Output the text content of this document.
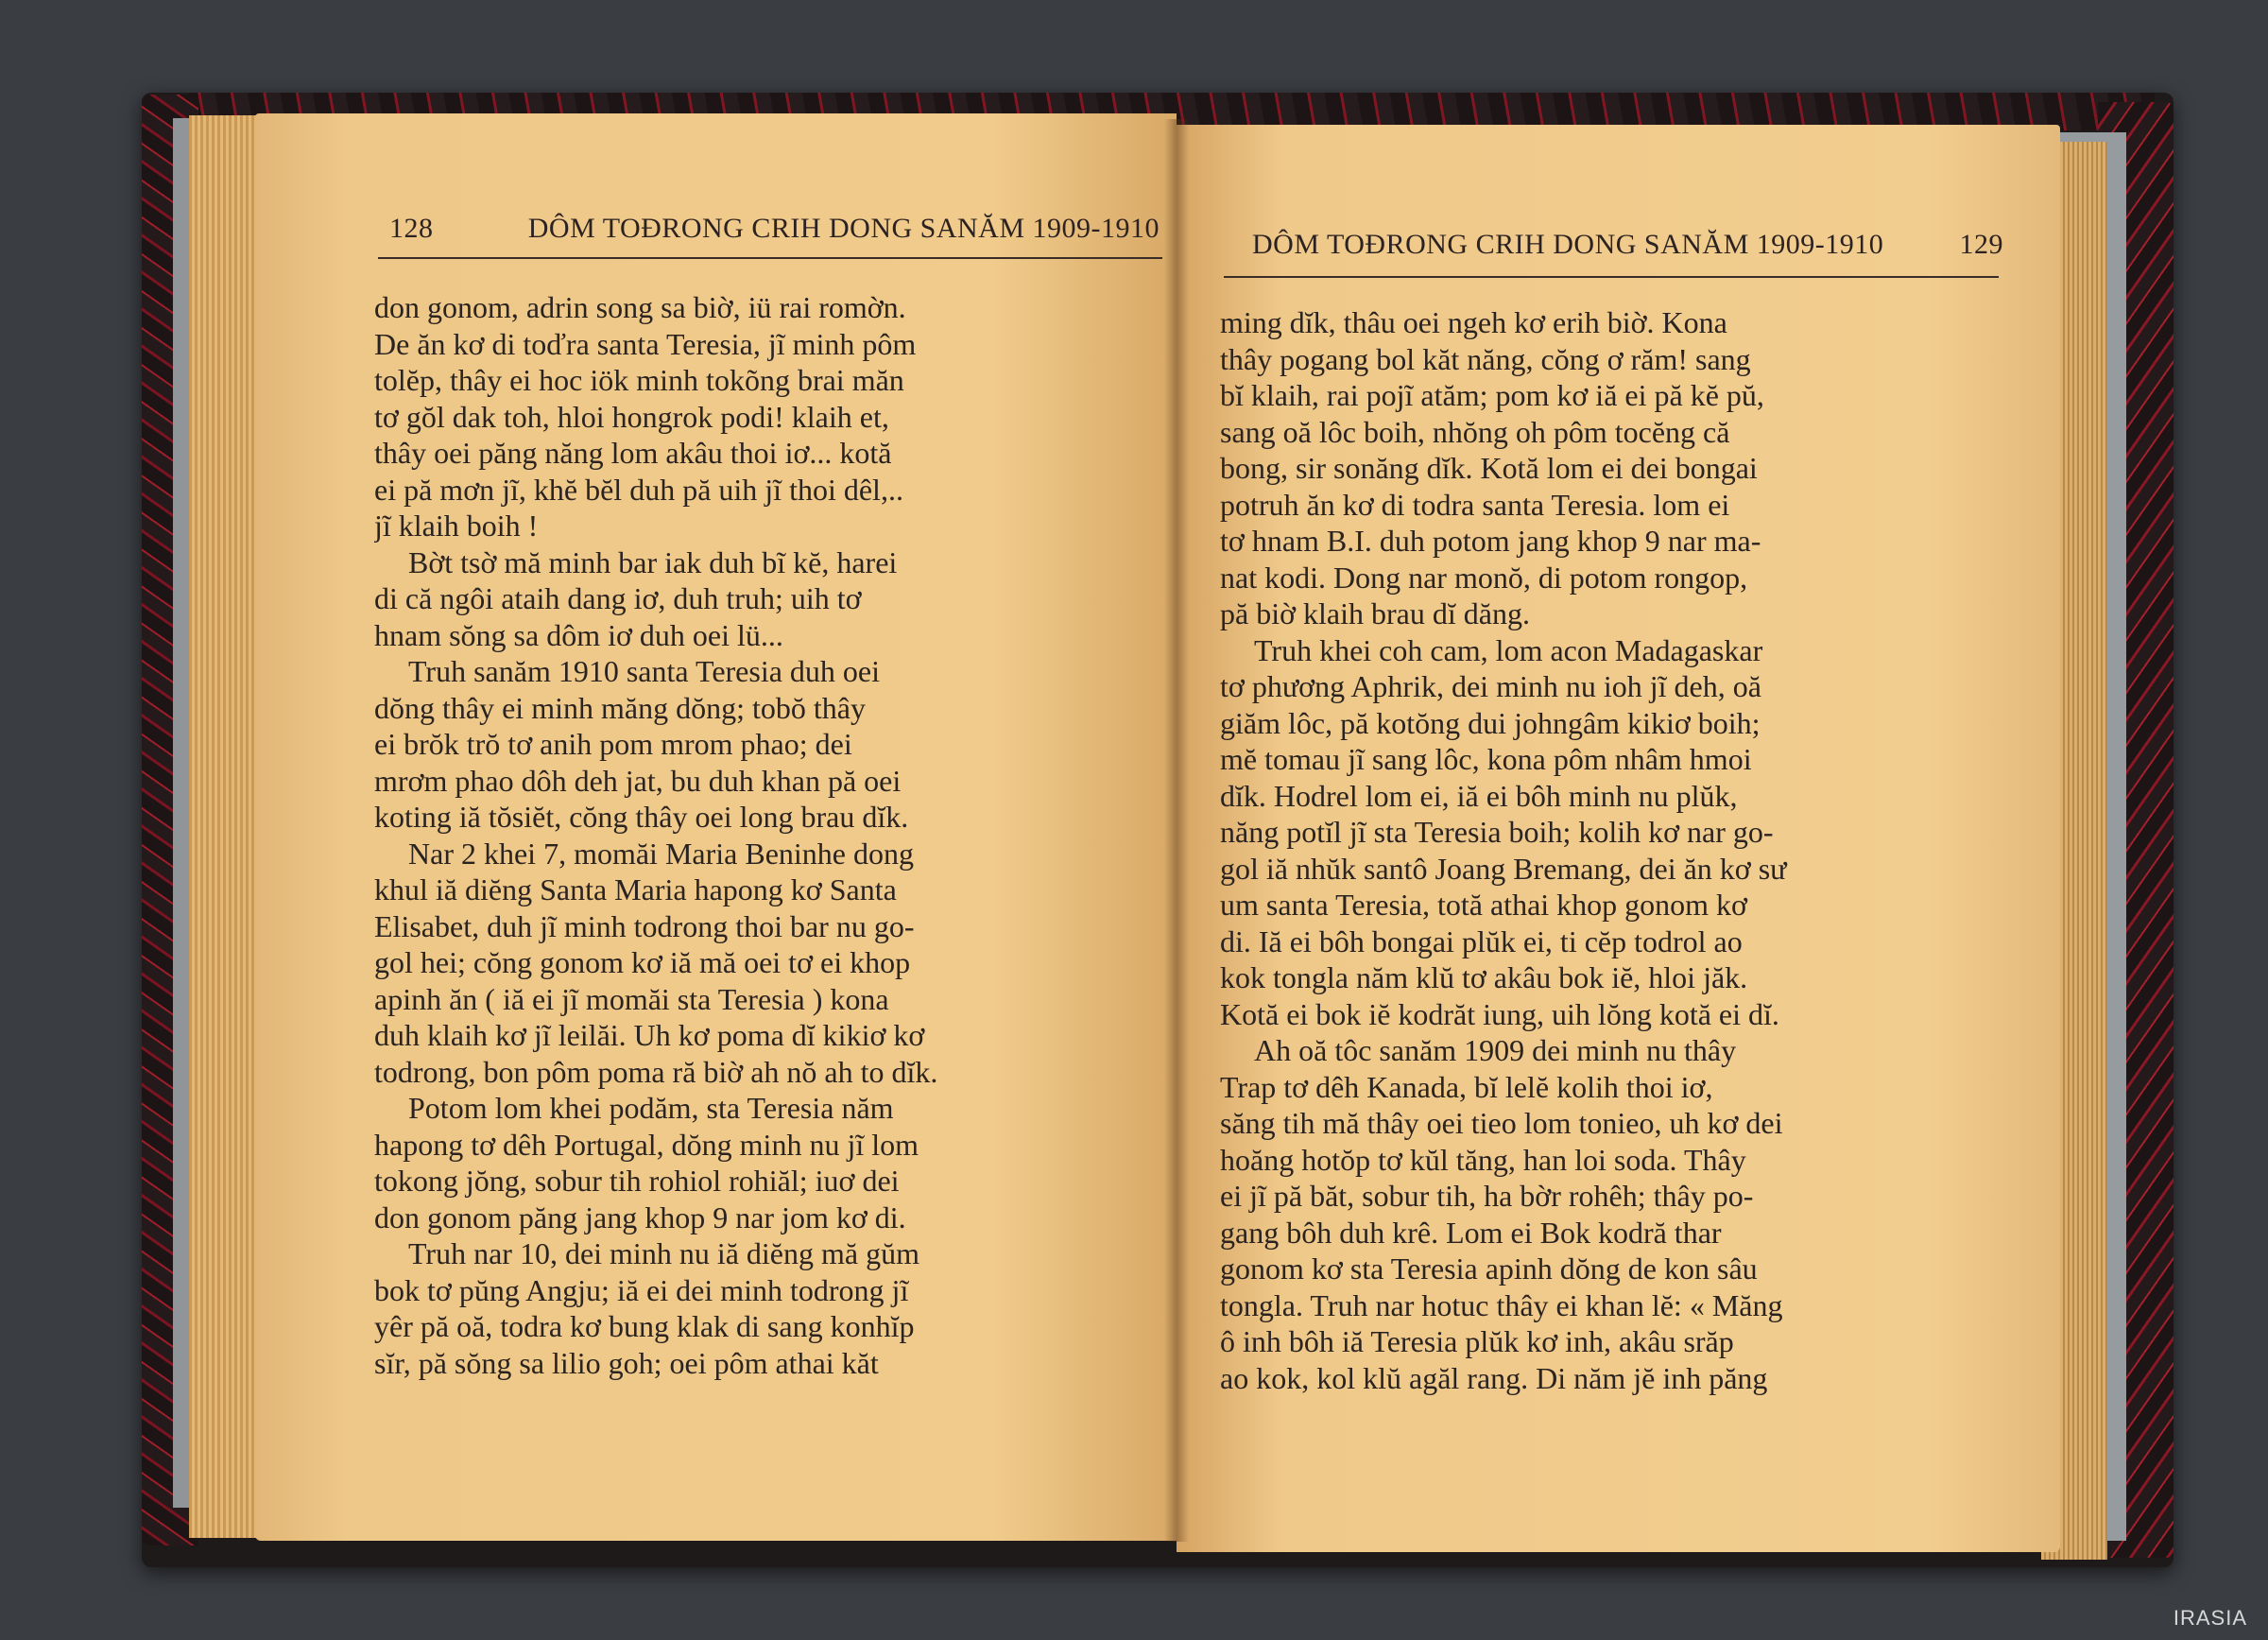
128	DÔM TOĐRONG CRIH DONG SANĂM 1909-1910
don gonom, adrin song sa biờ, iü rai romờn.
De ăn kơ di toďra santa Teresia, jĩ minh pôm
tolĕp, thây ei hoc iök minh tokõng brai măn
tơ gŏl dak toh, hloi hongrok podi! klaih et,
thây oei păng năng lom akâu thoi iơ... kotă
ei pă mơn jĩ, khĕ bĕl duh pă uih jĩ thoi dêl,..
jĩ klaih boih !
Bờt tsờ mă minh bar iak duh bĩ kĕ, harei
di că ngôi ataih dang iơ, duh truh; uih tơ
hnam sŏng sa dôm iơ duh oei lü...
Truh sanăm 1910 santa Teresia duh oei
dŏng thây ei minh măng dŏng; tobŏ thây
ei brŏk trŏ tơ anih pom mrom phao; dei
mrơm phao dôh deh jat, bu duh khan pă oei
koting iă tŏsiĕt, cŏng thây oei long brau dĭk.
Nar 2 khei 7, momăi Maria Beninhe dong
khul iă diĕng Santa Maria hapong kơ Santa
Elisabet, duh jĩ minh todrong thoi bar nu go-
gol hei; cŏng gonom kơ iă mă oei tơ ei khop
apinh ăn ( iă ei jĩ momăi sta Teresia ) kona
duh klaih kơ jĩ leilăi. Uh kơ poma dĭ kikiơ kơ
todrong, bon pôm poma ră biờ ah nŏ ah to dĭk.
Potom lom khei podăm, sta Teresia năm
hapong tơ dêh Portugal, dŏng minh nu jĩ lom
tokong jŏng, sobur tih rohiol rohiăl; iuơ dei
don gonom păng jang khop 9 nar jom kơ di.
Truh nar 10, dei minh nu iă diĕng mă gŭm
bok tơ pŭng Angju; iă ei dei minh todrong jĩ
yêr pă oă, todra kơ bung klak di sang konhĭp
sĭr, pă sŏng sa lilio goh; oei pôm athai kăt
DÔM TOĐRONG CRIH DONG SANĂM 1909-1910	129
ming dĭk, thâu oei ngeh kơ erih biờ. Kona
thây pogang bol kăt năng, cŏng ơ răm! sang
bĭ klaih, rai pojĩ atăm; pom kơ iă ei pă kĕ pŭ,
sang oă lôc boih, nhŏng oh pôm tocĕng că
bong, sir sonăng dĭk. Kotă lom ei dei bongai
potruh ăn kơ di todra santa Teresia. lom ei
tơ hnam B.I. duh potom jang khop 9 nar ma-
nat kodi. Dong nar monŏ, di potom rongop,
pă biờ klaih brau dĭ dăng.
Truh khei coh cam, lom acon Madagaskar
tơ phương Aphrik, dei minh nu ioh jĩ deh, oă
giăm lôc, pă kotŏng dui johngâm kikiơ boih;
mĕ tomau jĩ sang lôc, kona pôm nhâm hmoi
dĭk. Hodrel lom ei, iă ei bôh minh nu plŭk,
năng potĭl jĩ sta Teresia boih; kolih kơ nar go-
gol iă nhŭk santô Joang Bremang, dei ăn kơ sư
um santa Teresia, totă athai khop gonom kơ
di. Iă ei bôh bongai plŭk ei, ti cĕp todrol ao
kok tongla năm klŭ tơ akâu bok iĕ, hloi jăk.
Kotă ei bok iĕ kodrăt iung, uih lŏng kotă ei dĭ.
Ah oă tôc sanăm 1909 dei minh nu thây
Trap tơ dêh Kanada, bĭ lelĕ kolih thoi iơ,
săng tih mă thây oei tieo lom tonieo, uh kơ dei
hoăng hotŏp tơ kŭl tăng, han loi soda. Thây
ei jĩ pă băt, sobur tih, ha bờr rohêh; thây po-
gang bôh duh krê. Lom ei Bok kodră thar
gonom kơ sta Teresia apinh dŏng de kon sâu
tongla. Truh nar hotuc thây ei khan lĕ: « Măng
ô inh bôh iă Teresia plŭk kơ inh, akâu srăp
ao kok, kol klŭ agăl rang. Di năm jĕ inh păng
IRASIA
